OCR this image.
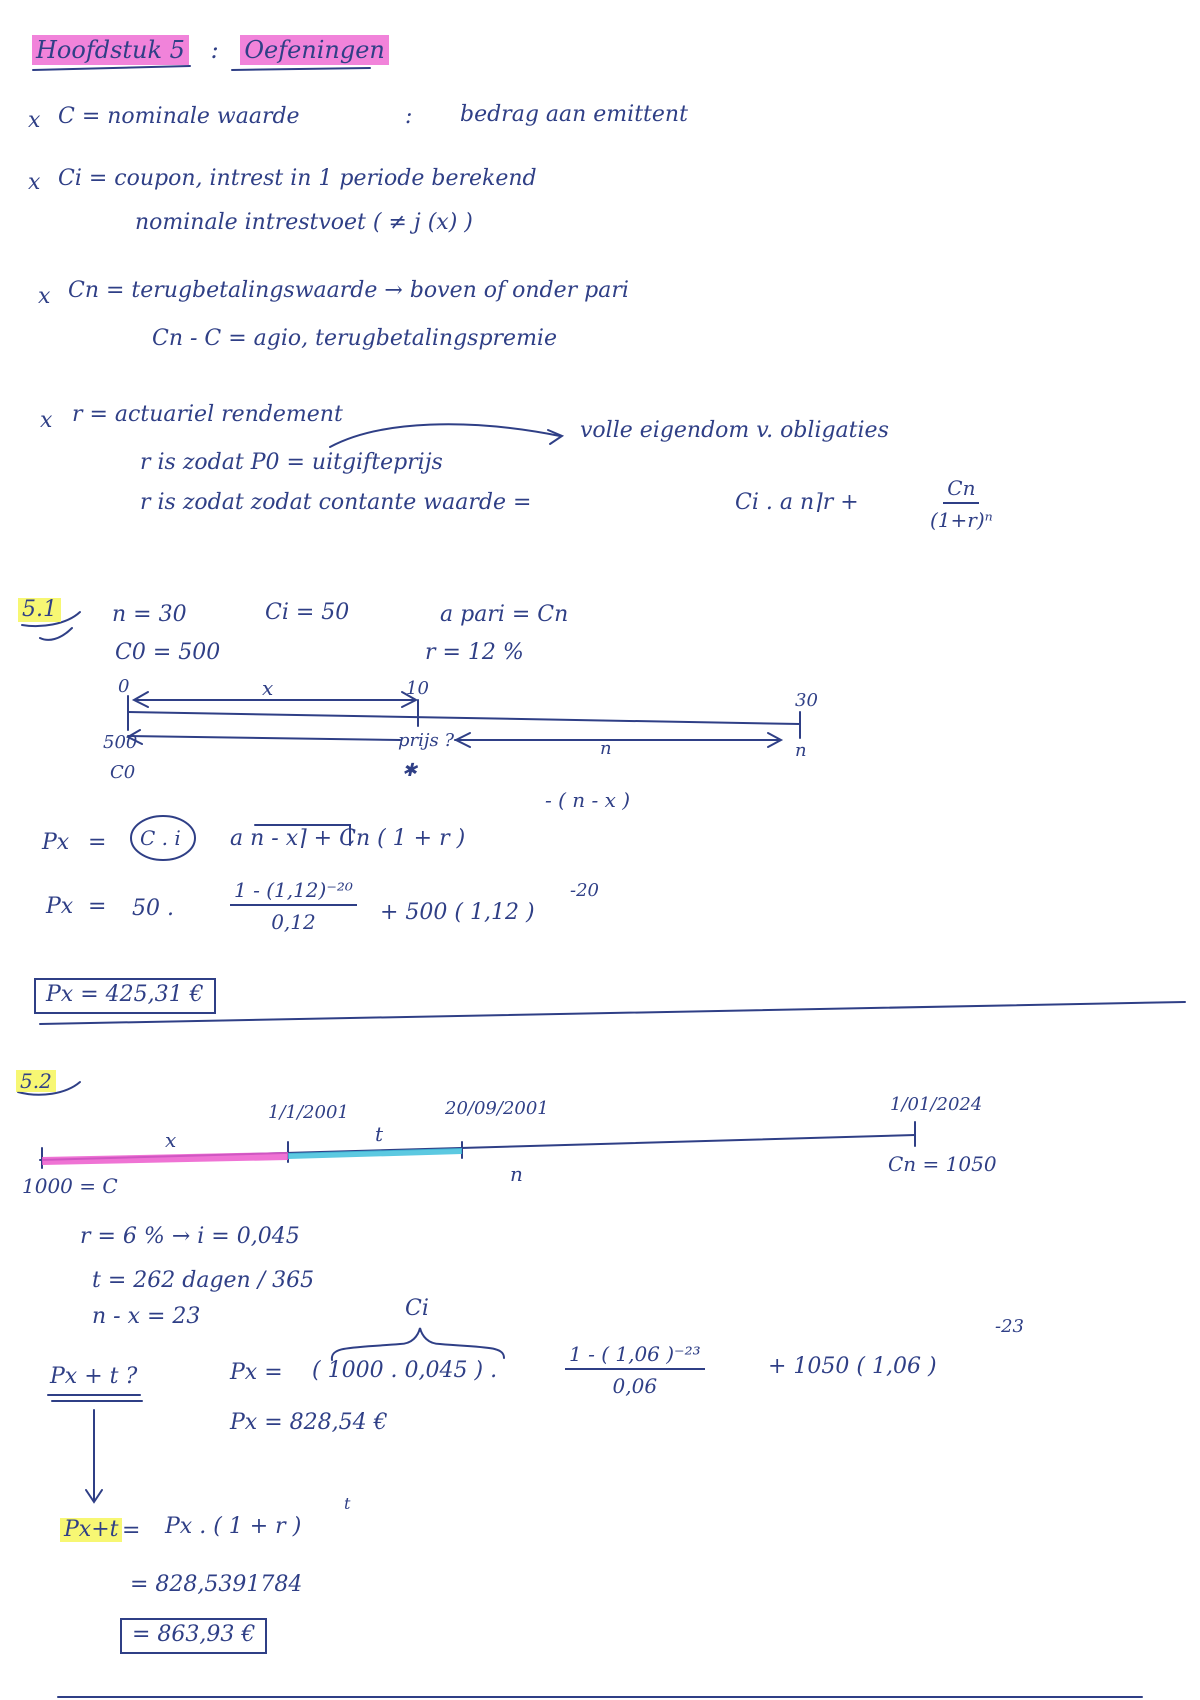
Hoofdstuk 5 : Oefeningen
x C = nominale waarde	: bedrag aan emittent
x Ci = coupon, intrest in 1 periode berekend
nominale intrestvoet ( ≠ j (x) )
x Cn = terugbetalingswaarde → boven of onder pari
Cn - C = agio, terugbetalingspremie
x r = actuariel rendement
volle eigendom v. obligaties
r is zodat P0 = uitgifteprijs
r is zodat zodat contante waarde =	Ci . a n⌉r +	$\frac{Cn}{\text{(1+r)ⁿ}}$
5.1	n = 30	Ci = 50	a pari = Cn
C0 = 500	r = 12 %
0	x	10
30
500
C0
prijs ?
✱
n	n
Px = C . i a n - x⌉ + Cn ( 1 + r )
- ( n - x )
Px = 50 .	$\frac{\text{1 - (1,12)⁻²⁰}}{0,12} + 500$ ( 1,12 )
-20
Px = 425,31 €
5.2
1/1/2001	20/09/2001	1/01/2024
x	t
n
1000 = C
Cn = 1050
r = 6 % → i = 0,045
t = 262 dagen / 365
n - x = 23	Ci
Px + t ?	Px = ( 1000 . 0,045 ) .	$\frac{\text{1 - ( 1,06 )⁻²³}}{0,06}$	+ 1050 ( 1,06 )
-23
Px = 828,54 €
Px+t = Px . ( 1 + r )
t
= 828,5391784
= 863,93 €
